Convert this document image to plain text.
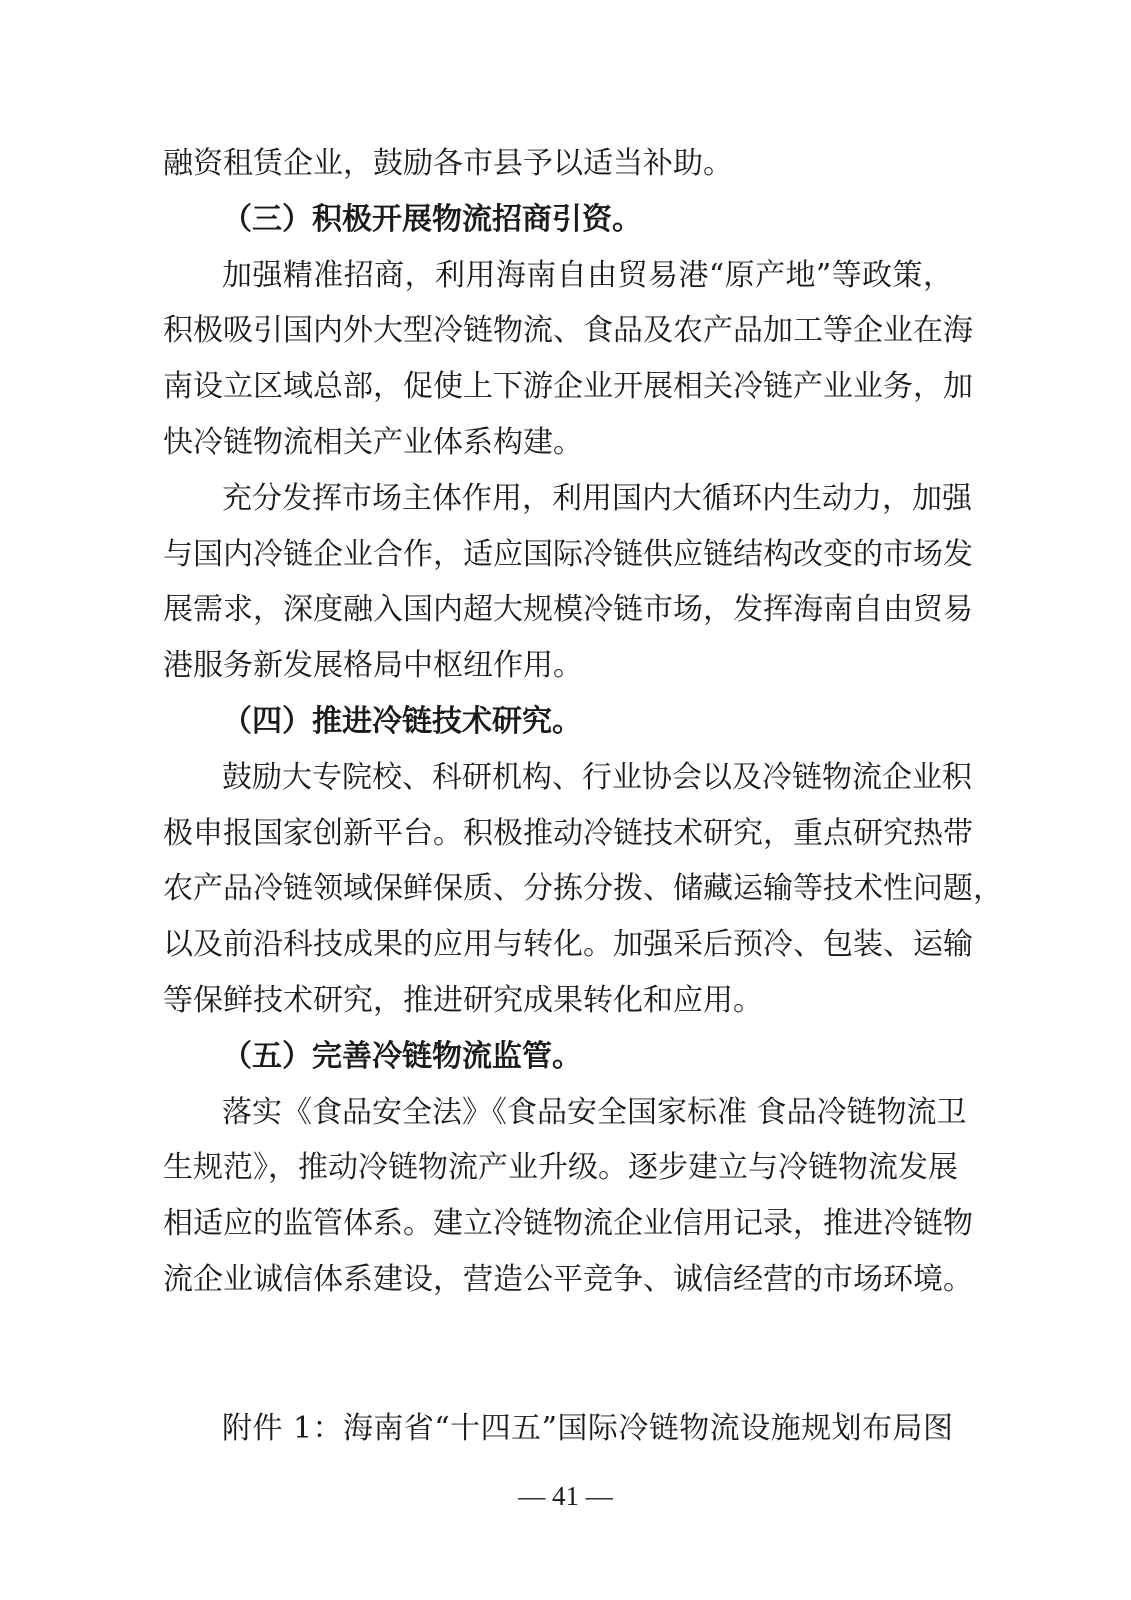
融资租赁企业，鼓励各市县予以适当补助。
（三）积极开展物流招商引资。
加强精准招商，利用海南自由贸易港“原产地”等政策，
积极吸引国内外大型冷链物流、食品及农产品加工等企业在海
南设立区域总部，促使上下游企业开展相关冷链产业业务，加
快冷链物流相关产业体系构建。
充分发挥市场主体作用，利用国内大循环内生动力，加强
与国内冷链企业合作，适应国际冷链供应链结构改变的市场发
展需求，深度融入国内超大规模冷链市场，发挥海南自由贸易
港服务新发展格局中枢纽作用。
（四）推进冷链技术研究。
鼓励大专院校、科研机构、行业协会以及冷链物流企业积
极申报国家创新平台。积极推动冷链技术研究，重点研究热带
农产品冷链领域保鲜保质、分拣分拨、储藏运输等技术性问题，
以及前沿科技成果的应用与转化。加强采后预冷、包装、运输
等保鲜技术研究，推进研究成果转化和应用。
（五）完善冷链物流监管。
落实《食品安全法》《食品安全国家标准 食品冷链物流卫
生规范》，推动冷链物流产业升级。逐步建立与冷链物流发展
相适应的监管体系。建立冷链物流企业信用记录，推进冷链物
流企业诚信体系建设，营造公平竞争、诚信经营的市场环境。
附件 1：海南省“十四五”国际冷链物流设施规划布局图
— 41 —
